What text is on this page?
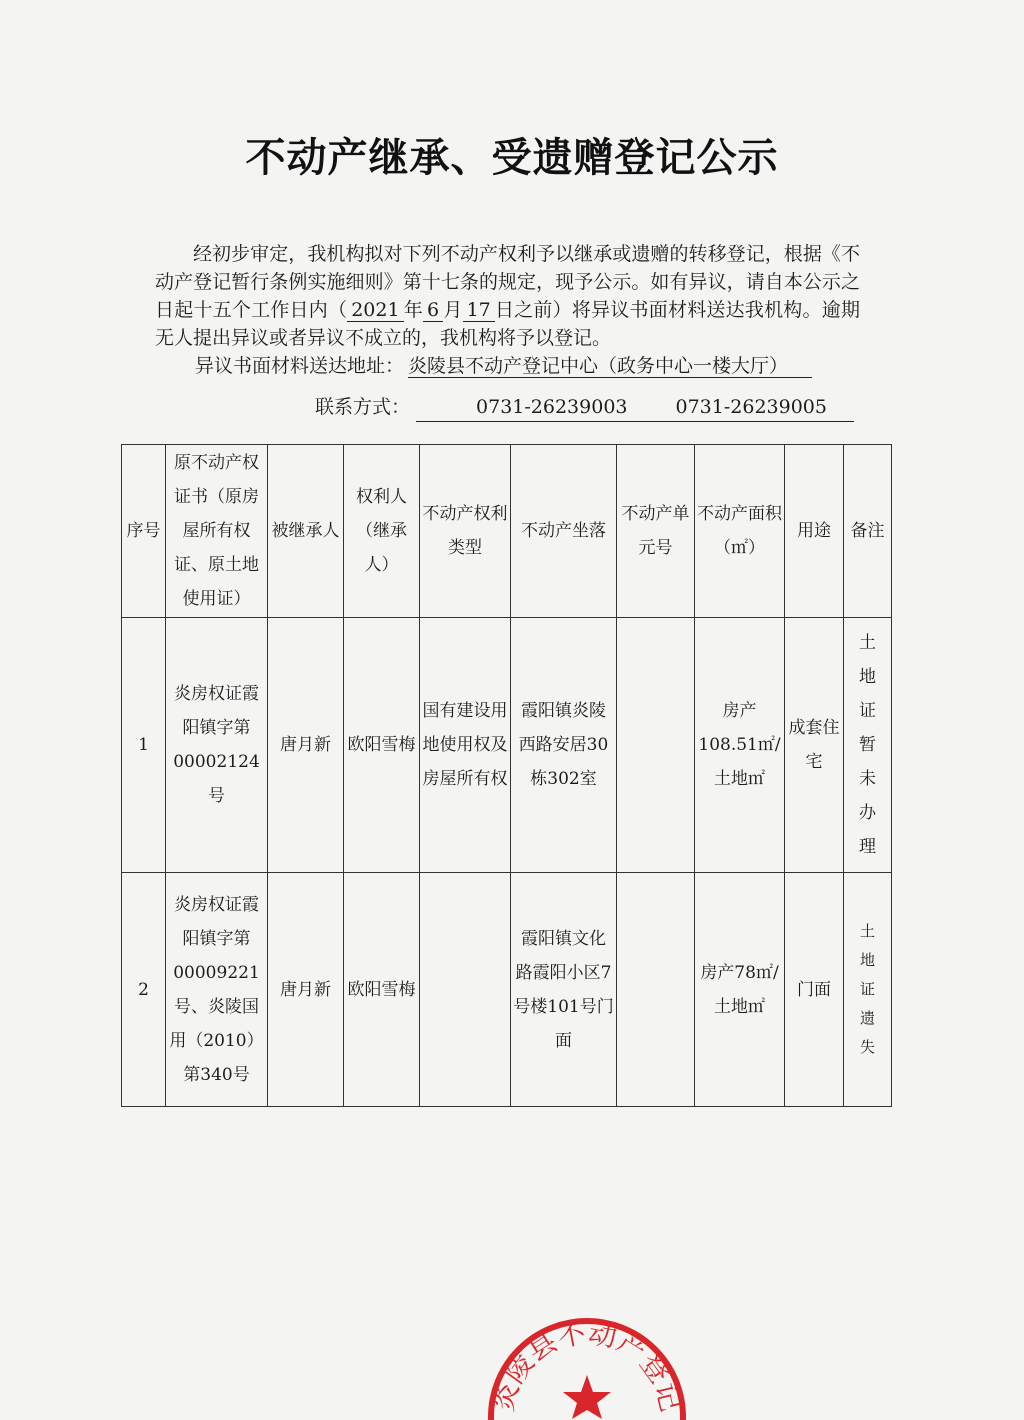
不动产继承、受遗赠登记公示
经初步审定，我机构拟对下列不动产权利予以继承或遗赠的转移登记，根据《不动产登记暂行条例实施细则》第十七条的规定，现予公示。如有异议，请自本公示之日起十五个工作日内（ 2021 年 6 月 17 日之前）将异议书面材料送达我机构。逾期无人提出异议或者异议不成立的，我机构将予以登记。
异议书面材料送达地址： 炎陵县不动产登记中心（政务中心一楼大厅）
联系方式：	0731-26239003	0731-26239005
序号	原不动产权证书（原房屋所有权证、原土地使用证）	被继承人	权利人（继承人）	不动产权利类型	不动产坐落	不动产单元号	不动产面积（㎡）	用途	备注
1	炎房权证霞阳镇字第00002124号	唐月新	欧阳雪梅	国有建设用地使用权及房屋所有权	霞阳镇炎陵西路安居30栋302室		房产108.51㎡/土地㎡	成套住宅	土地证暂未办理

2	炎房权证霞阳镇字第00009221号、炎陵国用（2010）第340号	唐月新	欧阳雪梅		霞阳镇文化路霞阳小区7号楼101号门面		房产78㎡/土地㎡	门面	土地证遗失
炎陵县不动产登记
